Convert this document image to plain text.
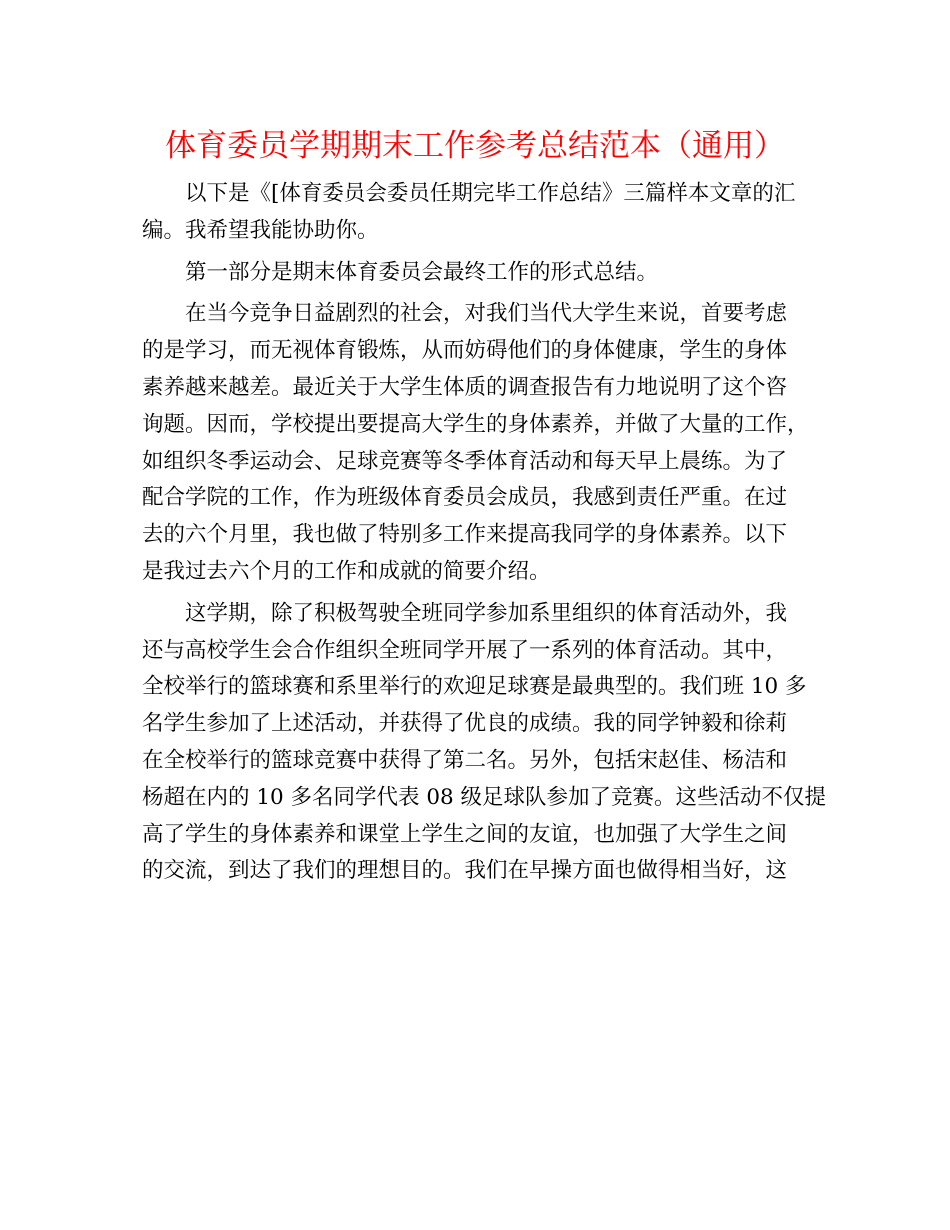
体育委员学期期末工作参考总结范本（通用）
以下是《[体育委员会委员任期完毕工作总结》三篇样本文章的汇
编。我希望我能协助你。
第一部分是期末体育委员会最终工作的形式总结。
在当今竞争日益剧烈的社会，对我们当代大学生来说，首要考虑
的是学习，而无视体育锻炼，从而妨碍他们的身体健康，学生的身体
素养越来越差。最近关于大学生体质的调查报告有力地说明了这个咨
询题。因而，学校提出要提高大学生的身体素养，并做了大量的工作，
如组织冬季运动会、足球竞赛等冬季体育活动和每天早上晨练。为了
配合学院的工作，作为班级体育委员会成员，我感到责任严重。在过
去的六个月里，我也做了特别多工作来提高我同学的身体素养。以下
是我过去六个月的工作和成就的简要介绍。
这学期，除了积极驾驶全班同学参加系里组织的体育活动外，我
还与高校学生会合作组织全班同学开展了一系列的体育活动。其中，
全校举行的篮球赛和系里举行的欢迎足球赛是最典型的。我们班 10 多
名学生参加了上述活动，并获得了优良的成绩。我的同学钟毅和徐莉
在全校举行的篮球竞赛中获得了第二名。另外，包括宋赵佳、杨洁和
杨超在内的 10 多名同学代表 08 级足球队参加了竞赛。这些活动不仅提
高了学生的身体素养和课堂上学生之间的友谊，也加强了大学生之间
的交流，到达了我们的理想目的。我们在早操方面也做得相当好，这
